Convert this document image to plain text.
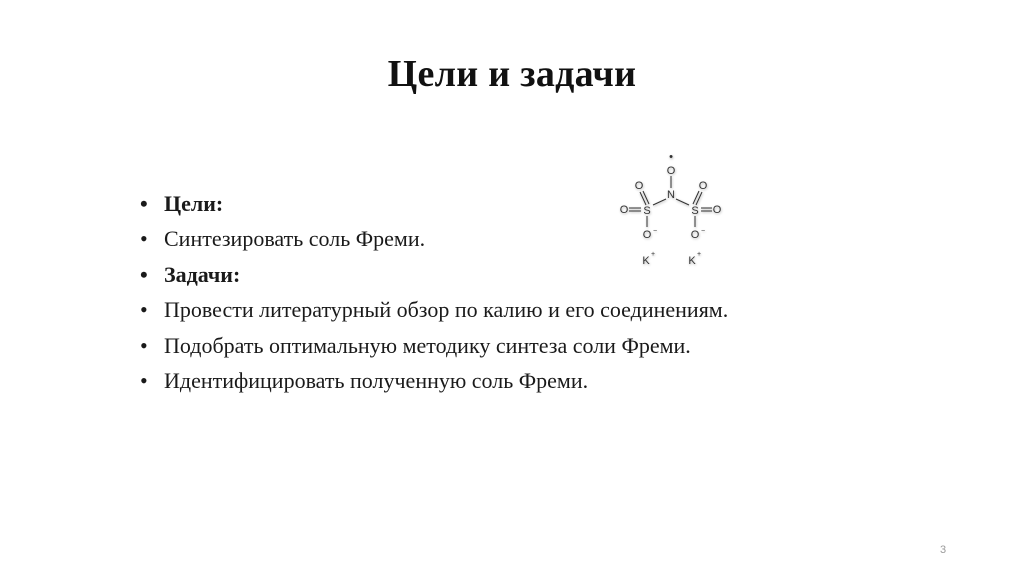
Цели и задачи
• Цели:
• Синтезировать соль Фреми.
• Задачи:
• Провести литературный обзор по калию и его соединениям.
• Подобрать оптимальную методику синтеза соли Фреми.
• Идентифицировать полученную соль Фреми.
•
O
N
O
O S
O −
O
O
S
O −
K
+
K
+
3
